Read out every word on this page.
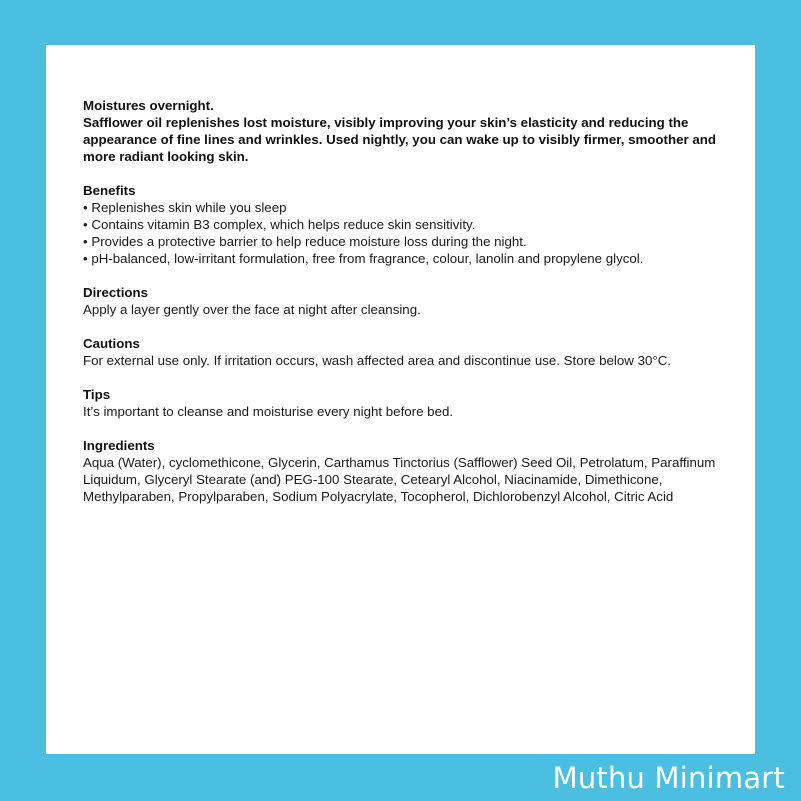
Moistures overnight.
Safflower oil replenishes lost moisture, visibly improving your skin’s elasticity and reducing the appearance of fine lines and wrinkles. Used nightly, you can wake up to visibly firmer, smoother and more radiant looking skin.
Benefits
• Replenishes skin while you sleep
• Contains vitamin B3 complex, which helps reduce skin sensitivity.
• Provides a protective barrier to help reduce moisture loss during the night.
• pH-balanced, low-irritant formulation, free from fragrance, colour, lanolin and propylene glycol.
Directions
Apply a layer gently over the face at night after cleansing.
Cautions
For external use only. If irritation occurs, wash affected area and discontinue use. Store below 30°C.
Tips
It’s important to cleanse and moisturise every night before bed.
Ingredients
Aqua (Water), cyclomethicone, Glycerin, Carthamus Tinctorius (Safflower) Seed Oil, Petrolatum, Paraffinum Liquidum, Glyceryl Stearate (and) PEG-100 Stearate, Cetearyl Alcohol, Niacinamide, Dimethicone, Methylparaben, Propylparaben, Sodium Polyacrylate, Tocopherol, Dichlorobenzyl Alcohol, Citric Acid
Muthu Minimart
